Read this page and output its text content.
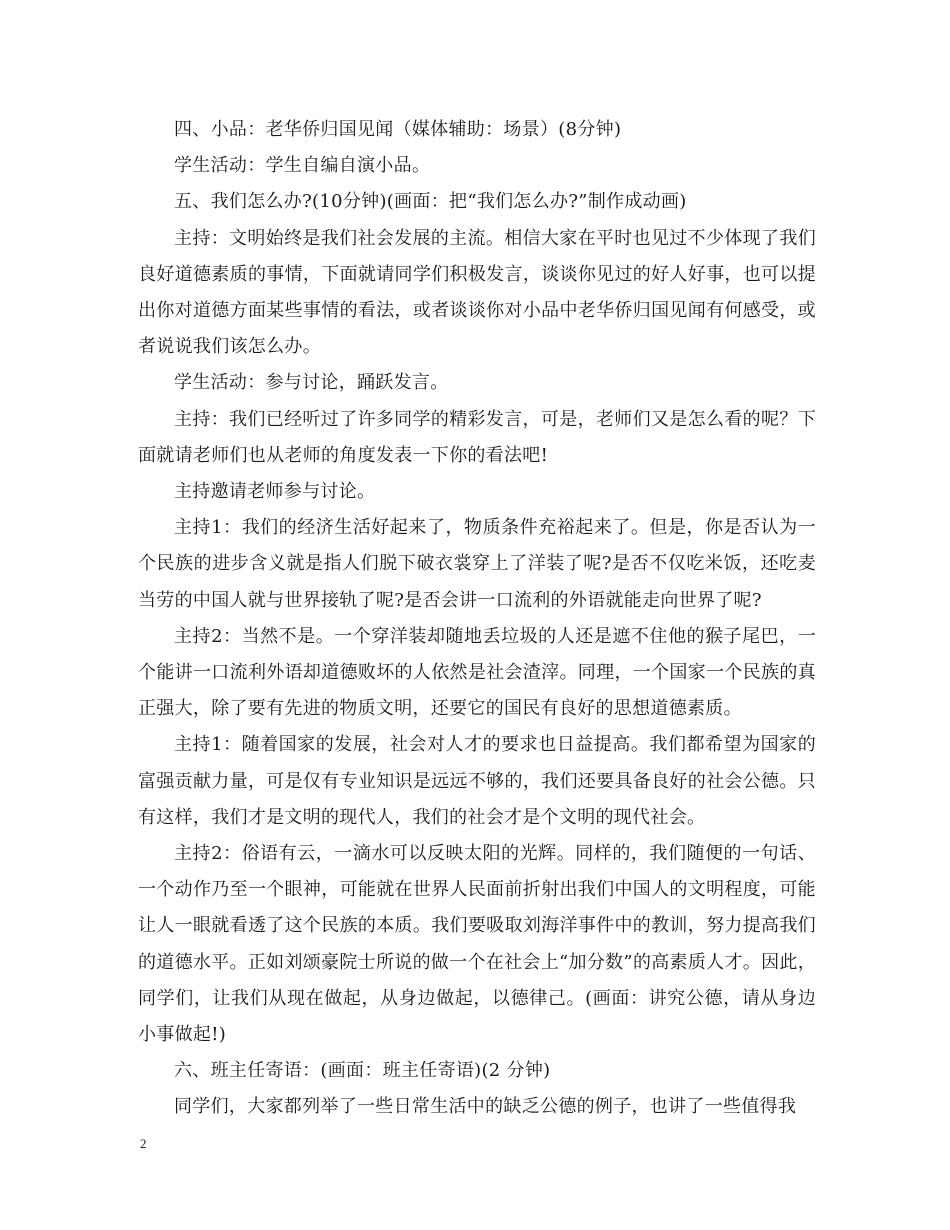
四、小品：老华侨归国见闻（媒体辅助：场景）(8分钟)

学生活动：学生自编自演小品。

五、我们怎么办?(10分钟)(画面：把“我们怎么办?”制作成动画)

主持：文明始终是我们社会发展的主流。相信大家在平时也见过不少体现了我们良好道德素质的事情，下面就请同学们积极发言，谈谈你见过的好人好事，也可以提出你对道德方面某些事情的看法，或者谈谈你对小品中老华侨归国见闻有何感受，或者说说我们该怎么办。

学生活动：参与讨论，踊跃发言。

主持：我们已经听过了许多同学的精彩发言，可是，老师们又是怎么看的呢？下面就请老师们也从老师的角度发表一下你的看法吧!

主持邀请老师参与讨论。

主持1：我们的经济生活好起来了，物质条件充裕起来了。但是，你是否认为一个民族的进步含义就是指人们脱下破衣裳穿上了洋装了呢?是否不仅吃米饭，还吃麦当劳的中国人就与世界接轨了呢?是否会讲一口流利的外语就能走向世界了呢?

主持2：当然不是。一个穿洋装却随地丢垃圾的人还是遮不住他的猴子尾巴，一个能讲一口流利外语却道德败坏的人依然是社会渣滓。同理，一个国家一个民族的真正强大，除了要有先进的物质文明，还要它的国民有良好的思想道德素质。

主持1：随着国家的发展，社会对人才的要求也日益提高。我们都希望为国家的富强贡献力量，可是仅有专业知识是远远不够的，我们还要具备良好的社会公德。只有这样，我们才是文明的现代人，我们的社会才是个文明的现代社会。

主持2：俗语有云，一滴水可以反映太阳的光辉。同样的，我们随便的一句话、一个动作乃至一个眼神，可能就在世界人民面前折射出我们中国人的文明程度，可能让人一眼就看透了这个民族的本质。我们要吸取刘海洋事件中的教训，努力提高我们的道德水平。正如刘颂豪院士所说的做一个在社会上“加分数”的高素质人才。因此，同学们，让我们从现在做起，从身边做起，以德律己。(画面：讲究公德，请从身边小事做起!)

六、班主任寄语：(画面：班主任寄语)(2 分钟)

同学们，大家都列举了一些日常生活中的缺乏公德的例子，也讲了一些值得我

2
